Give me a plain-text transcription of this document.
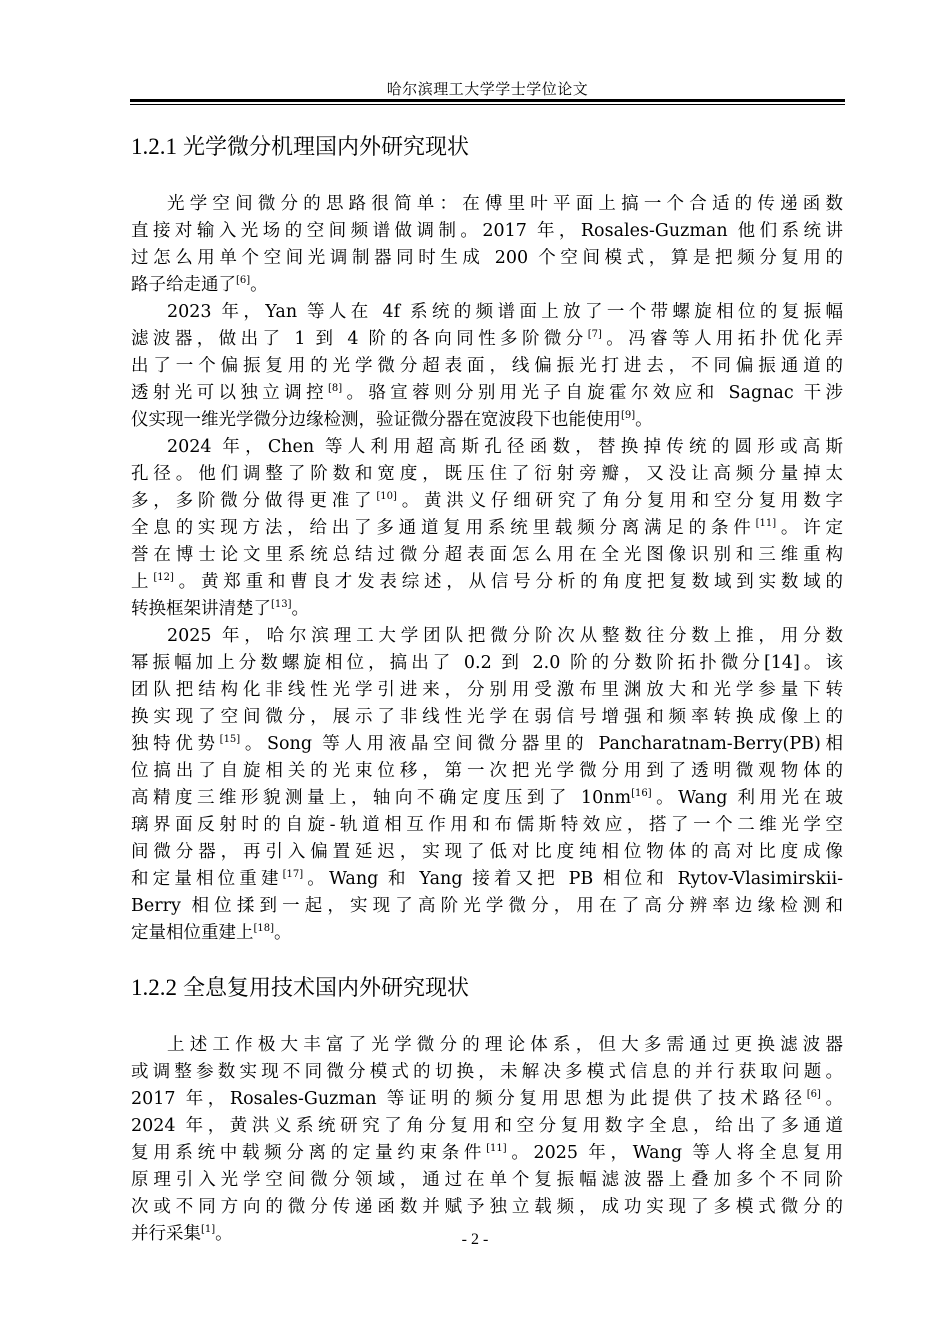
哈尔滨理工大学学士学位论文
1.2.1 光学微分机理国内外研究现状
光学空间微分的思路很简单：在傅里叶平面上搞一个合适的传递函数
直接对输入光场的空间频谱做调制。2017 年，Rosales-Guzman 他们系统讲
过怎么用单个空间光调制器同时生成 200 个空间模式，算是把频分复用的
路子给走通了[6]。
2023 年，Yan 等人在 4f 系统的频谱面上放了一个带螺旋相位的复振幅
滤波器，做出了 1 到 4 阶的各向同性多阶微分[7]。冯睿等人用拓扑优化弄
出了一个偏振复用的光学微分超表面，线偏振光打进去，不同偏振通道的
透射光可以独立调控[8]。骆宣蓉则分别用光子自旋霍尔效应和 Sagnac 干涉
仪实现一维光学微分边缘检测，验证微分器在宽波段下也能使用[9]。
2024 年，Chen 等人利用超高斯孔径函数，替换掉传统的圆形或高斯
孔径。他们调整了阶数和宽度，既压住了衍射旁瓣，又没让高频分量掉太
多，多阶微分做得更准了[10]。黄洪义仔细研究了角分复用和空分复用数字
全息的实现方法，给出了多通道复用系统里载频分离满足的条件[11]。许定
誉在博士论文里系统总结过微分超表面怎么用在全光图像识别和三维重构
上[12]。黄郑重和曹良才发表综述，从信号分析的角度把复数域到实数域的
转换框架讲清楚了[13]。
2025 年，哈尔滨理工大学团队把微分阶次从整数往分数上推，用分数
幂振幅加上分数螺旋相位，搞出了 0.2 到 2.0 阶的分数阶拓扑微分[14]。该
团队把结构化非线性光学引进来，分别用受激布里渊放大和光学参量下转
换实现了空间微分，展示了非线性光学在弱信号增强和频率转换成像上的
独特优势[15]。Song 等人用液晶空间微分器里的 Pancharatnam-Berry(PB)相
位搞出了自旋相关的光束位移，第一次把光学微分用到了透明微观物体的
高精度三维形貌测量上，轴向不确定度压到了 10nm[16]。Wang 利用光在玻
璃界面反射时的自旋-轨道相互作用和布儒斯特效应，搭了一个二维光学空
间微分器，再引入偏置延迟，实现了低对比度纯相位物体的高对比度成像
和定量相位重建[17]。Wang 和 Yang 接着又把 PB 相位和 Rytov-Vlasimirskii-
Berry 相位揉到一起，实现了高阶光学微分，用在了高分辨率边缘检测和
定量相位重建上[18]。
1.2.2 全息复用技术国内外研究现状
上述工作极大丰富了光学微分的理论体系，但大多需通过更换滤波器
或调整参数实现不同微分模式的切换，未解决多模式信息的并行获取问题。
2017 年，Rosales-Guzman 等证明的频分复用思想为此提供了技术路径[6]。
2024 年，黄洪义系统研究了角分复用和空分复用数字全息，给出了多通道
复用系统中载频分离的定量约束条件[11]。2025 年，Wang 等人将全息复用
原理引入光学空间微分领域，通过在单个复振幅滤波器上叠加多个不同阶
次或不同方向的微分传递函数并赋予独立载频，成功实现了多模式微分的
并行采集[1]。	- 2 -
